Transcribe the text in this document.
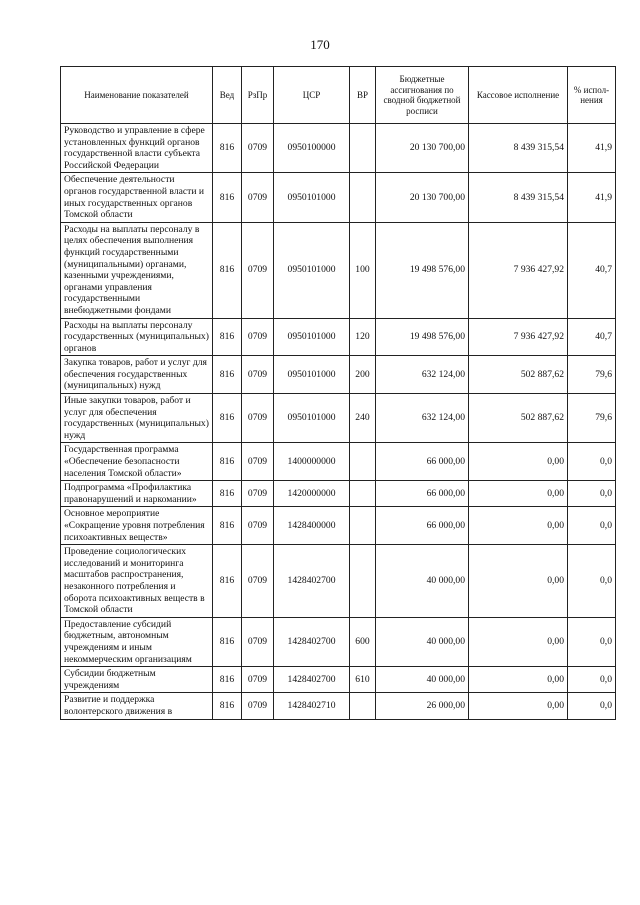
170
Наименование показателей	Вед	РзПр	ЦСР	ВР	Бюджетные ассигнования по сводной бюджетной росписи	Кассовое исполнение	% испол-нения
Руководство и управление в сфере установленных функций органов государственной власти субъекта Российской Федерации	816	0709	0950100000		20 130 700,00	8 439 315,54	41,9
Обеспечение деятельности органов государственной власти и иных государственных органов Томской области	816	0709	0950101000		20 130 700,00	8 439 315,54	41,9
Расходы на выплаты персоналу в целях обеспечения выполнения функций государственными (муниципальными) органами, казенными учреждениями, органами управления государственными внебюджетными фондами	816	0709	0950101000	100	19 498 576,00	7 936 427,92	40,7
Расходы на выплаты персоналу государственных (муниципальных) органов	816	0709	0950101000	120	19 498 576,00	7 936 427,92	40,7
Закупка товаров, работ и услуг для обеспечения государственных (муниципальных) нужд	816	0709	0950101000	200	632 124,00	502 887,62	79,6
Иные закупки товаров, работ и услуг для обеспечения государственных (муниципальных) нужд	816	0709	0950101000	240	632 124,00	502 887,62	79,6
Государственная программа «Обеспечение безопасности населения Томской области»	816	0709	1400000000		66 000,00	0,00	0,0
Подпрограмма «Профилактика правонарушений и наркомании»	816	0709	1420000000		66 000,00	0,00	0,0
Основное мероприятие «Сокращение уровня потребления психоактивных веществ»	816	0709	1428400000		66 000,00	0,00	0,0
Проведение социологических исследований и мониторинга масштабов распространения, незаконного потребления и оборота психоактивных веществ в Томской области	816	0709	1428402700		40 000,00	0,00	0,0
Предоставление субсидий бюджетным, автономным учреждениям и иным некоммерческим организациям	816	0709	1428402700	600	40 000,00	0,00	0,0
Субсидии бюджетным учреждениям	816	0709	1428402700	610	40 000,00	0,00	0,0
Развитие и поддержка волонтерского движения в	816	0709	1428402710		26 000,00	0,00	0,0
